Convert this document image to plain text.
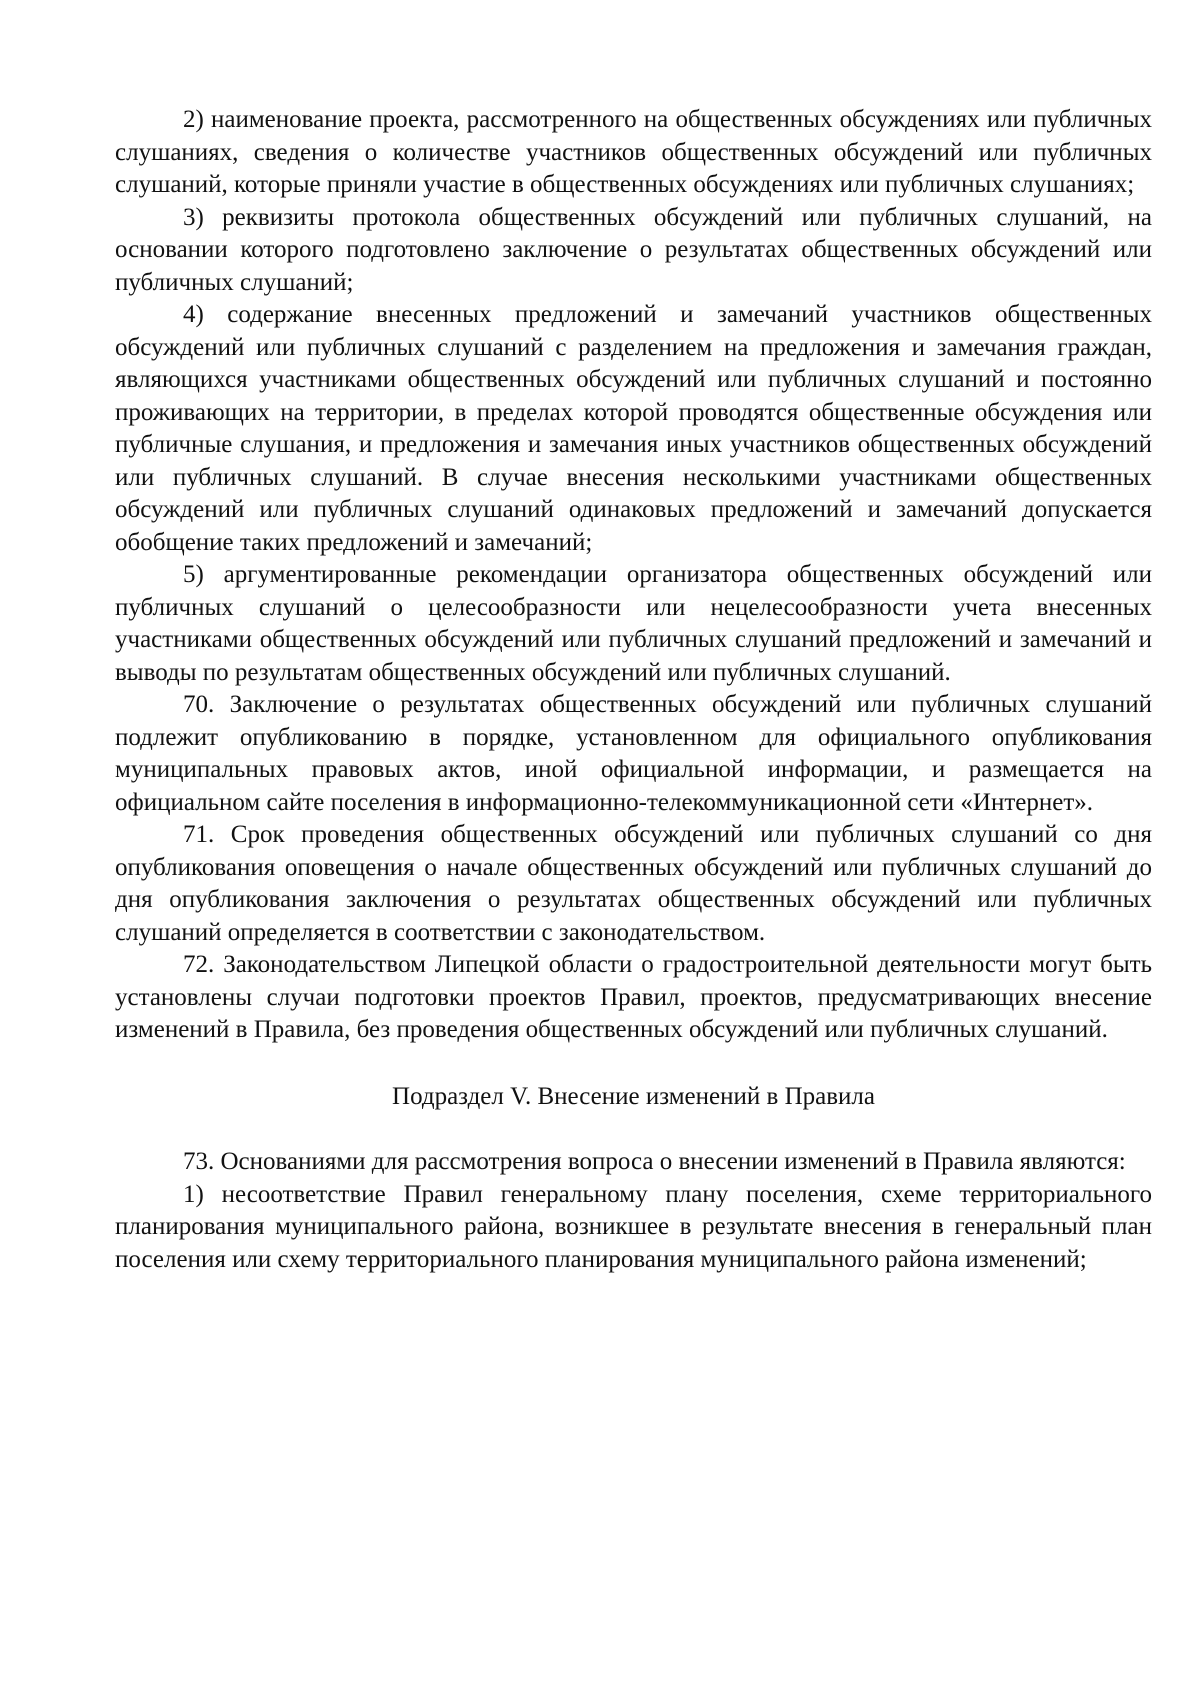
2) наименование проекта, рассмотренного на общественных обсуждениях или публичных слушаниях, сведения о количестве участников общественных обсуждений или публичных слушаний, которые приняли участие в общественных обсуждениях или публичных слушаниях;

3) реквизиты протокола общественных обсуждений или публичных слушаний, на основании которого подготовлено заключение о результатах общественных обсуждений или публичных слушаний;

4) содержание внесенных предложений и замечаний участников общественных обсуждений или публичных слушаний с разделением на предложения и замечания граждан, являющихся участниками общественных обсуждений или публичных слушаний и постоянно проживающих на территории, в пределах которой проводятся общественные обсуждения или публичные слушания, и предложения и замечания иных участников общественных обсуждений или публичных слушаний. В случае внесения несколькими участниками общественных обсуждений или публичных слушаний одинаковых предложений и замечаний допускается обобщение таких предложений и замечаний;

5) аргументированные рекомендации организатора общественных обсуждений или публичных слушаний о целесообразности или нецелесообразности учета внесенных участниками общественных обсуждений или публичных слушаний предложений и замечаний и выводы по результатам общественных обсуждений или публичных слушаний.

70. Заключение о результатах общественных обсуждений или публичных слушаний подлежит опубликованию в порядке, установленном для официального опубликования муниципальных правовых актов, иной официальной информации, и размещается на официальном сайте поселения в информационно-телекоммуникационной сети «Интернет».

71. Срок проведения общественных обсуждений или публичных слушаний со дня опубликования оповещения о начале общественных обсуждений или публичных слушаний до дня опубликования заключения о результатах общественных обсуждений или публичных слушаний определяется в соответствии с законодательством.

72. Законодательством Липецкой области о градостроительной деятельности могут быть установлены случаи подготовки проектов Правил, проектов, предусматривающих внесение изменений в Правила, без проведения общественных обсуждений или публичных слушаний.

Подраздел V. Внесение изменений в Правила

73. Основаниями для рассмотрения вопроса о внесении изменений в Правила являются:

1) несоответствие Правил генеральному плану поселения, схеме территориального планирования муниципального района, возникшее в результате внесения в генеральный план поселения или схему территориального планирования муниципального района изменений;
